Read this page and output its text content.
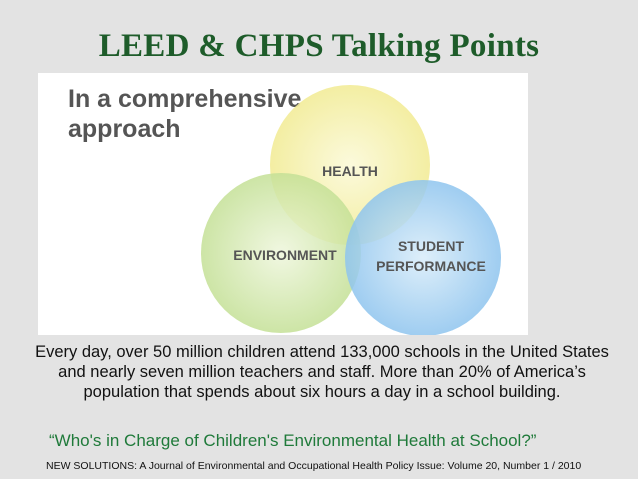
LEED & CHPS Talking Points
In a comprehensive
approach
HEALTH
ENVIRONMENT
STUDENT
PERFORMANCE
Every day, over 50 million children attend 133,000 schools in the United States and nearly seven million teachers and staff. More than 20% of America’s population that spends about six hours a day in a school building.
“Who's in Charge of Children's Environmental Health at School?”
NEW SOLUTIONS: A Journal of Environmental and Occupational Health Policy Issue: Volume 20, Number 1 / 2010
